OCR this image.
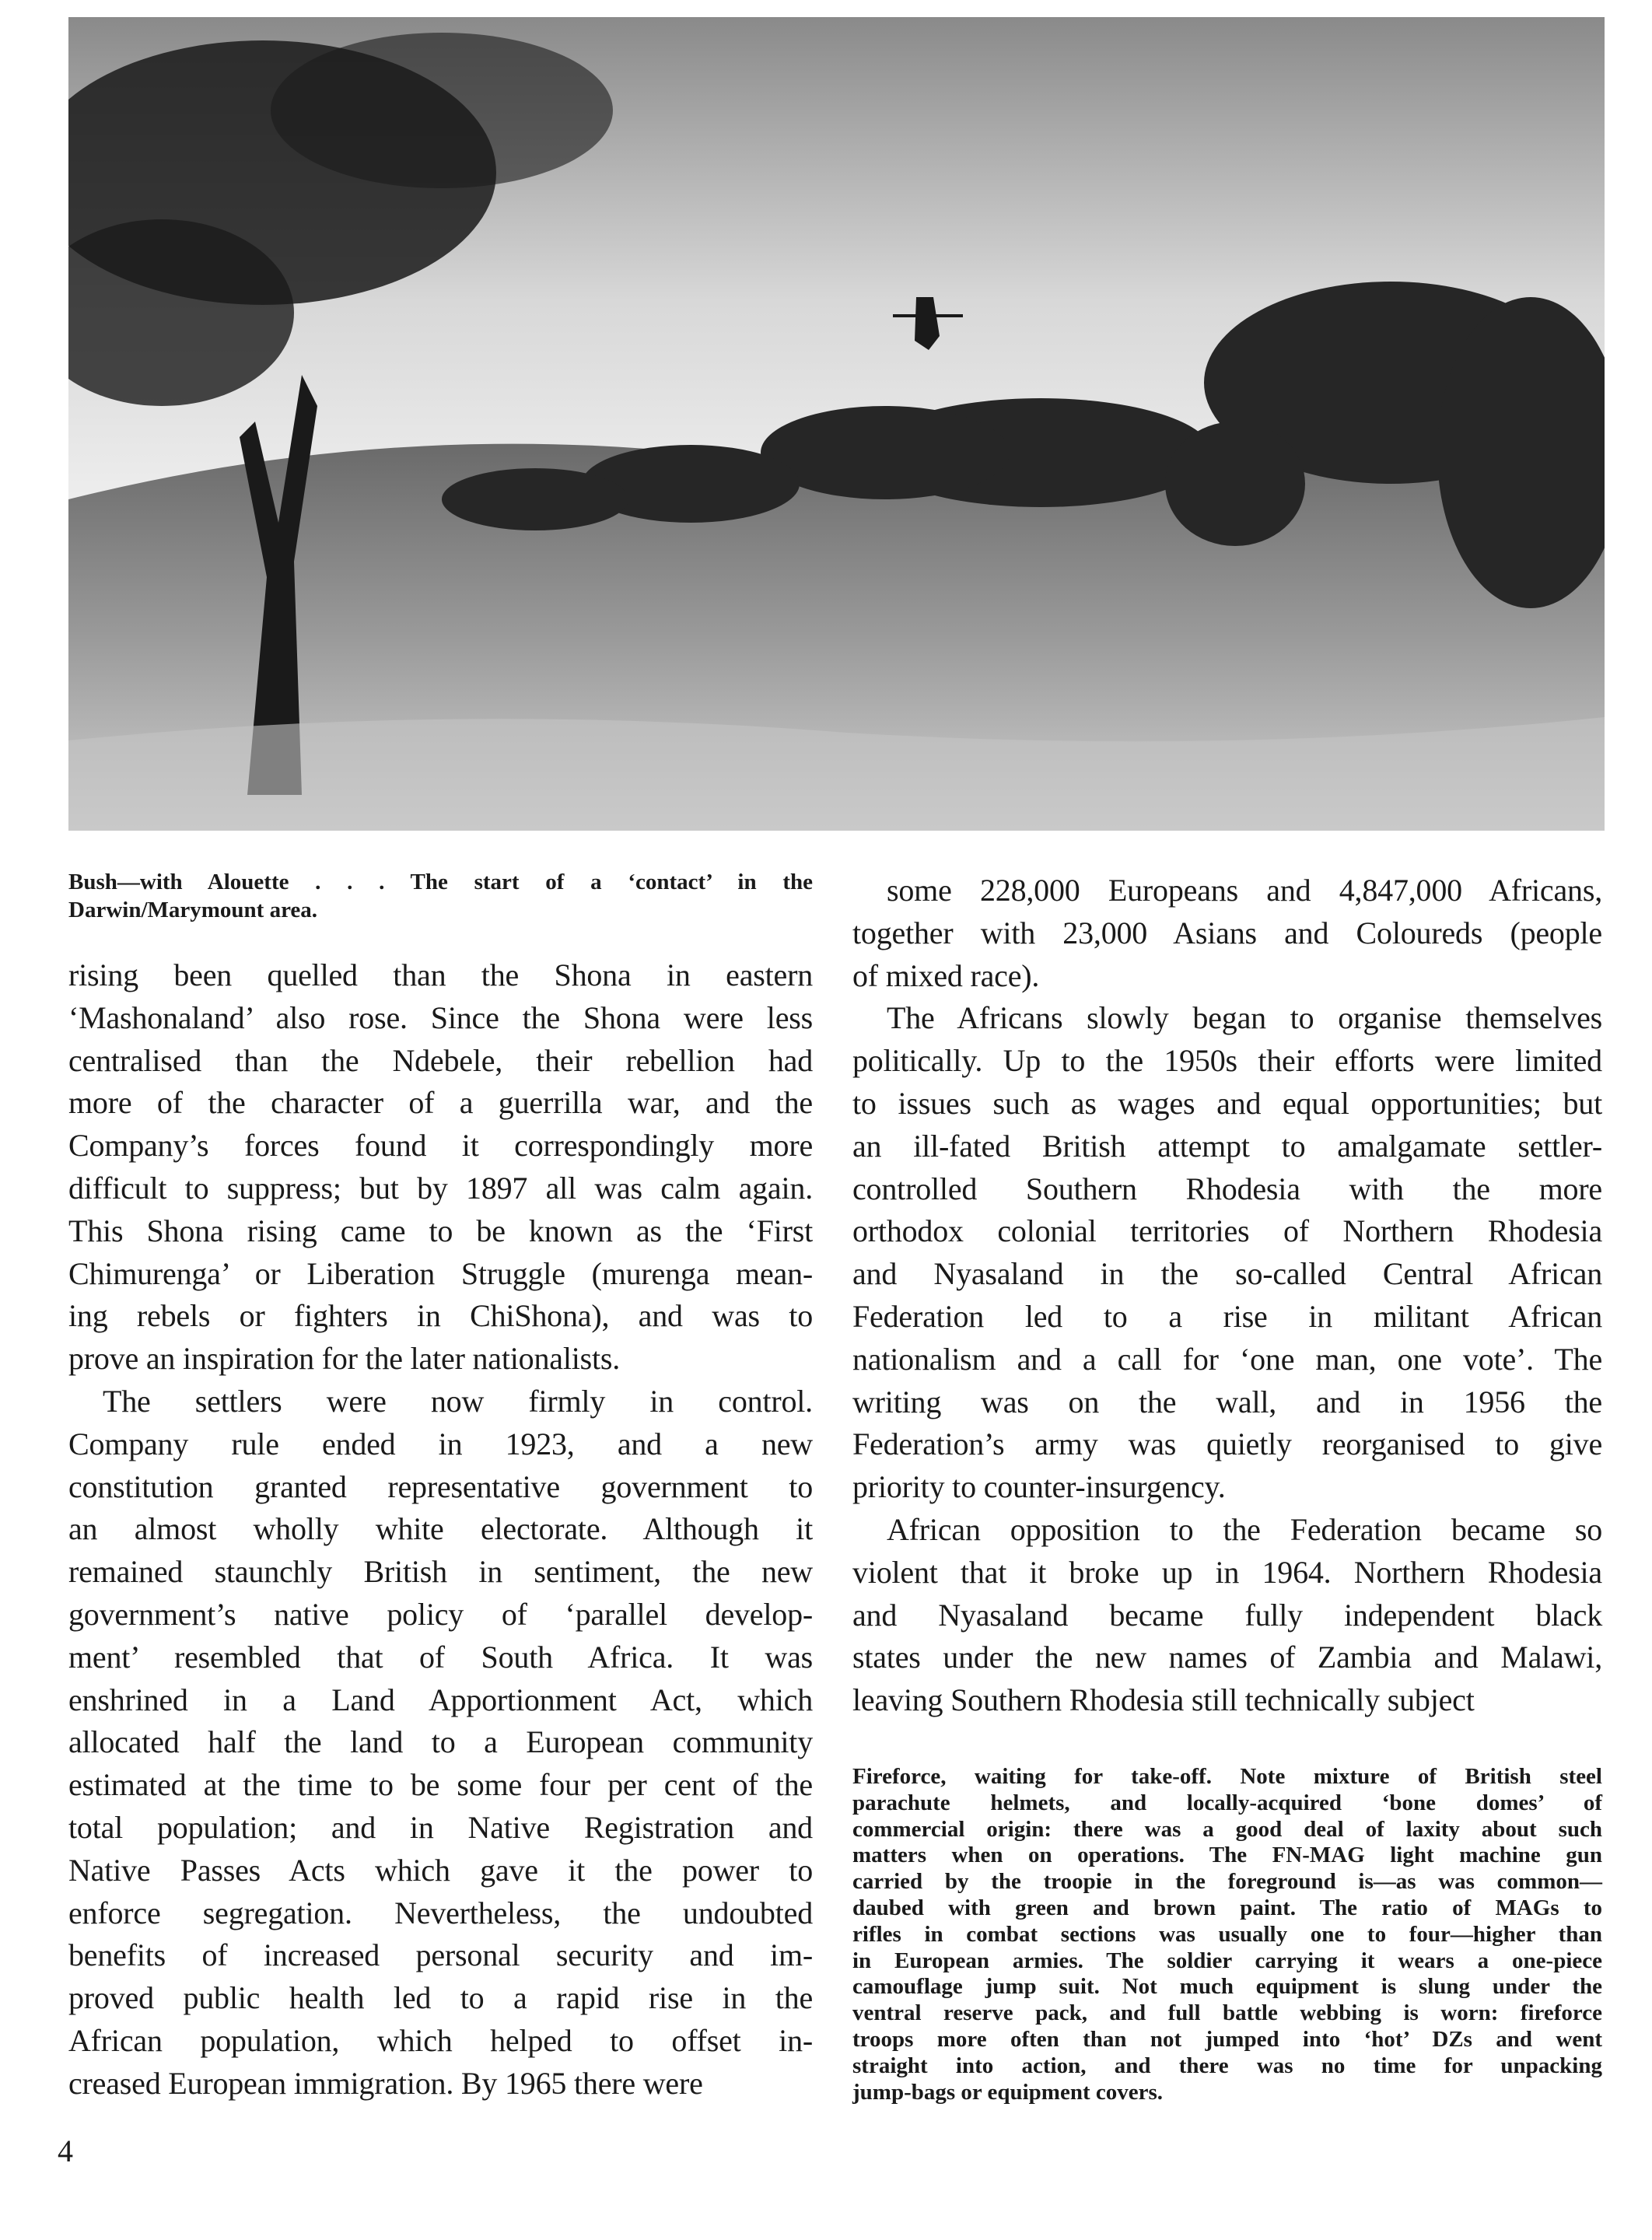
Bush—with Alouette . . . The start of a ‘contact’ in the
Darwin/Marymount area.
rising been quelled than the Shona in eastern
‘Mashonaland’ also rose. Since the Shona were less
centralised than the Ndebele, their rebellion had
more of the character of a guerrilla war, and the
Company’s forces found it correspondingly more
difficult to suppress; but by 1897 all was calm again.
This Shona rising came to be known as the ‘First
Chimurenga’ or Liberation Struggle (murenga mean-
ing rebels or fighters in ChiShona), and was to
prove an inspiration for the later nationalists.
The settlers were now firmly in control.
Company rule ended in 1923, and a new
constitution granted representative government to
an almost wholly white electorate. Although it
remained staunchly British in sentiment, the new
government’s native policy of ‘parallel develop-
ment’ resembled that of South Africa. It was
enshrined in a Land Apportionment Act, which
allocated half the land to a European community
estimated at the time to be some four per cent of the
total population; and in Native Registration and
Native Passes Acts which gave it the power to
enforce segregation. Nevertheless, the undoubted
benefits of increased personal security and im-
proved public health led to a rapid rise in the
African population, which helped to offset in-
creased European immigration. By 1965 there were
some 228,000 Europeans and 4,847,000 Africans,
together with 23,000 Asians and Coloureds (people
of mixed race).
The Africans slowly began to organise themselves
politically. Up to the 1950s their efforts were limited
to issues such as wages and equal opportunities; but
an ill-fated British attempt to amalgamate settler-
controlled Southern Rhodesia with the more
orthodox colonial territories of Northern Rhodesia
and Nyasaland in the so-called Central African
Federation led to a rise in militant African
nationalism and a call for ‘one man, one vote’. The
writing was on the wall, and in 1956 the
Federation’s army was quietly reorganised to give
priority to counter-insurgency.
African opposition to the Federation became so
violent that it broke up in 1964. Northern Rhodesia
and Nyasaland became fully independent black
states under the new names of Zambia and Malawi,
leaving Southern Rhodesia still technically subject
Fireforce, waiting for take-off. Note mixture of British steel
parachute helmets, and locally-acquired ‘bone domes’ of
commercial origin: there was a good deal of laxity about such
matters when on operations. The FN-MAG light machine gun
carried by the troopie in the foreground is—as was common—
daubed with green and brown paint. The ratio of MAGs to
rifles in combat sections was usually one to four—higher than
in European armies. The soldier carrying it wears a one-piece
camouflage jump suit. Not much equipment is slung under the
ventral reserve pack, and full battle webbing is worn: fireforce
troops more often than not jumped into ‘hot’ DZs and went
straight into action, and there was no time for unpacking
jump-bags or equipment covers.
4
